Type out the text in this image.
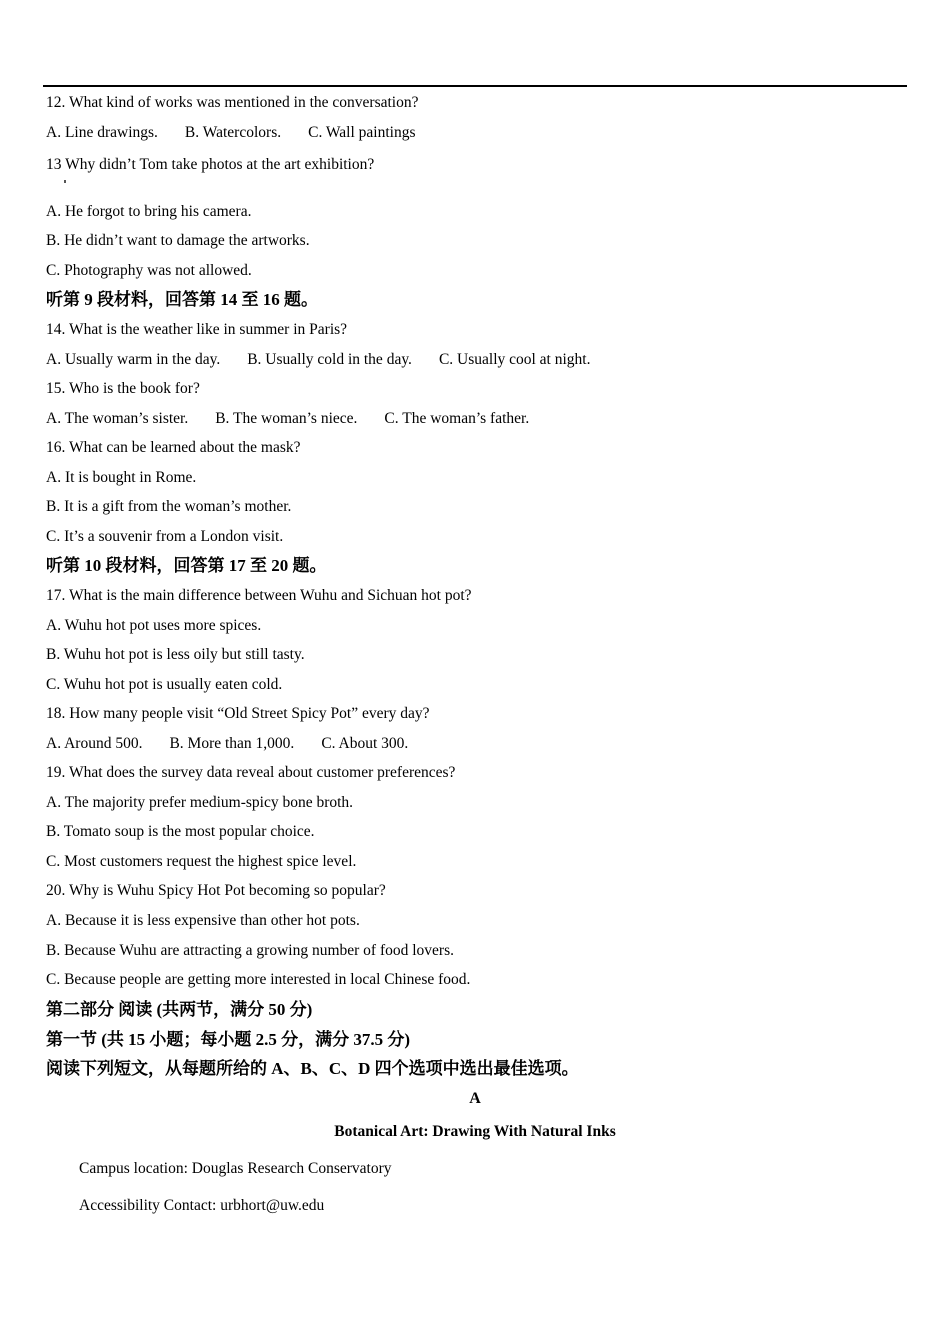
12. What kind of works was mentioned in the conversation?
A. Line drawings. B. Watercolors. C. Wall paintings
13 Why didn’t Tom take photos at the art exhibition?
A. He forgot to bring his camera.
B. He didn’t want to damage the artworks.
C. Photography was not allowed.
听第 9 段材料，回答第 14 至 16 题。
14. What is the weather like in summer in Paris?
A. Usually warm in the day. B. Usually cold in the day. C. Usually cool at night.
15. Who is the book for?
A. The woman’s sister. B. The woman’s niece. C. The woman’s father.
16. What can be learned about the mask?
A. It is bought in Rome.
B. It is a gift from the woman’s mother.
C. It’s a souvenir from a London visit.
听第 10 段材料，回答第 17 至 20 题。
17. What is the main difference between Wuhu and Sichuan hot pot?
A. Wuhu hot pot uses more spices.
B. Wuhu hot pot is less oily but still tasty.
C. Wuhu hot pot is usually eaten cold.
18. How many people visit “Old Street Spicy Pot” every day?
A. Around 500. B. More than 1,000. C. About 300.
19. What does the survey data reveal about customer preferences?
A. The majority prefer medium-spicy bone broth.
B. Tomato soup is the most popular choice.
C. Most customers request the highest spice level.
20. Why is Wuhu Spicy Hot Pot becoming so popular?
A. Because it is less expensive than other hot pots.
B. Because Wuhu are attracting a growing number of food lovers.
C. Because people are getting more interested in local Chinese food.
第二部分 阅读 (共两节，满分 50 分)
第一节 (共 15 小题；每小题 2.5 分，满分 37.5 分)
阅读下列短文，从每题所给的 A、B、C、D 四个选项中选出最佳选项。
A
Botanical Art: Drawing With Natural Inks
Campus location: Douglas Research Conservatory
Accessibility Contact: urbhort@uw.edu
